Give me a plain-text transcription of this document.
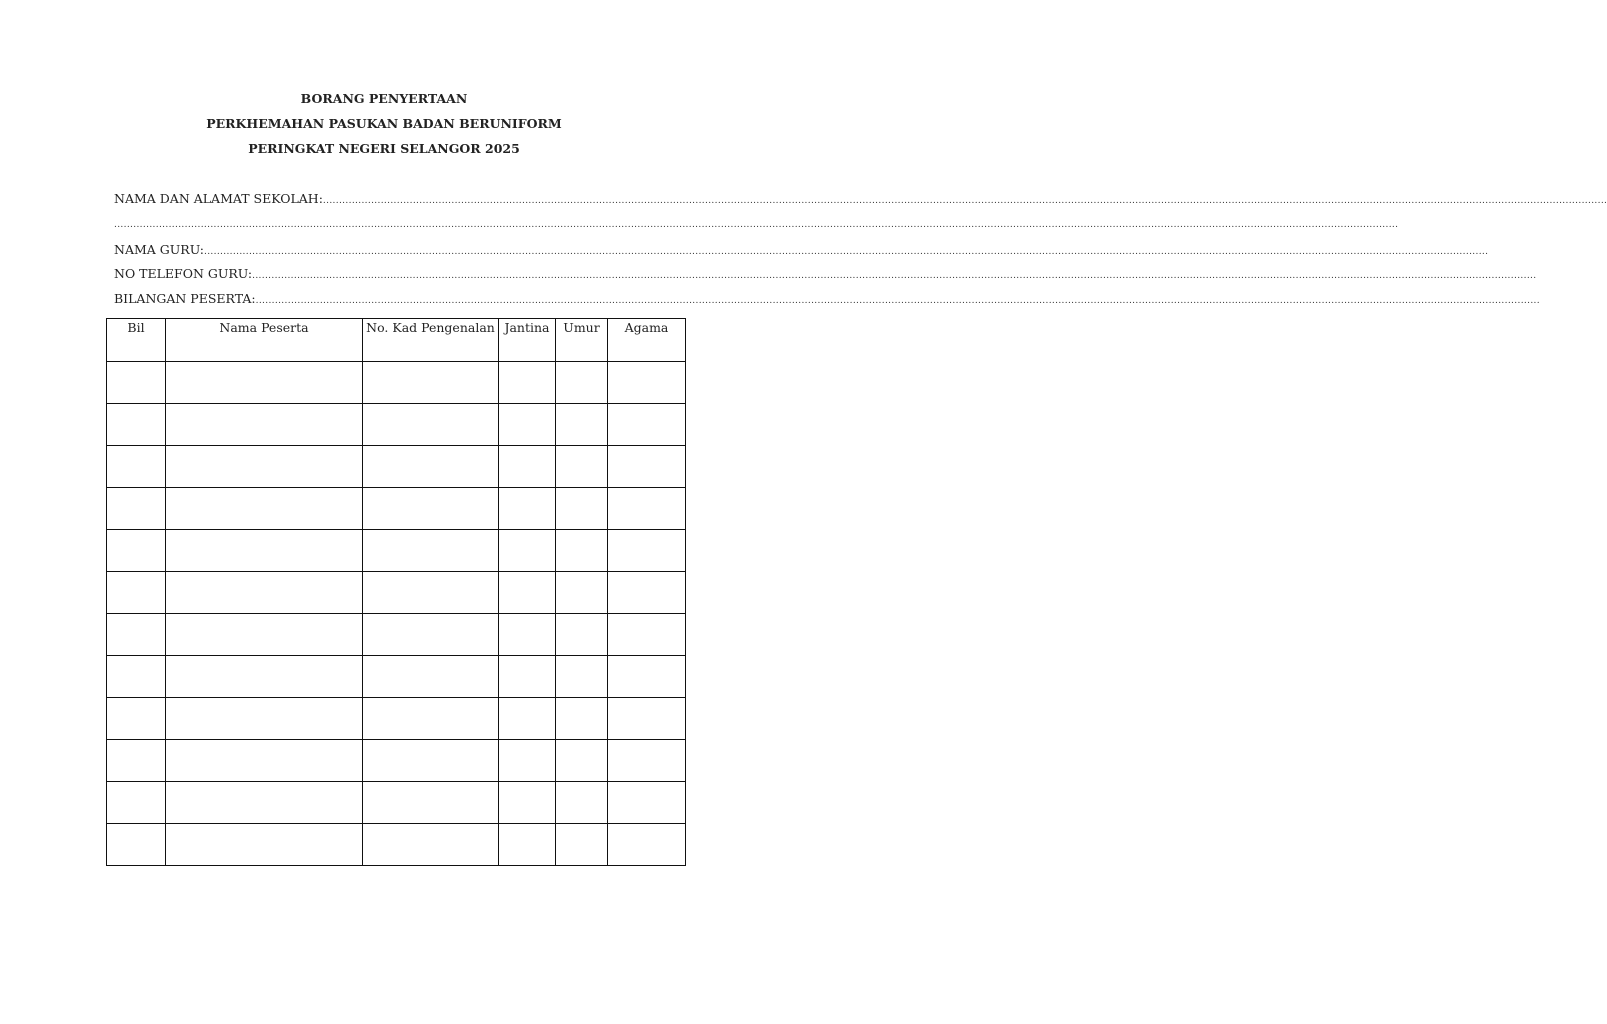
BORANG PENYERTAAN
PERKHEMAHAN PASUKAN BADAN BERUNIFORM
PERINGKAT NEGERI SELANGOR 2025
NAMA DAN ALAMAT SEKOLAH: ................................................................................................................................................................................................................................................................................................................................................................................................................
................................................................................................................................................................................................................................................................................................................................................................................................................
NAMA GURU: ................................................................................................................................................................................................................................................................................................................................................................................................................
NO TELEFON GURU: ................................................................................................................................................................................................................................................................................................................................................................................................................
BILANGAN PESERTA: ................................................................................................................................................................................................................................................................................................................................................................................................................
Bil	Nama Peserta	No. Kad Pengenalan	Jantina	Umur	Agama
